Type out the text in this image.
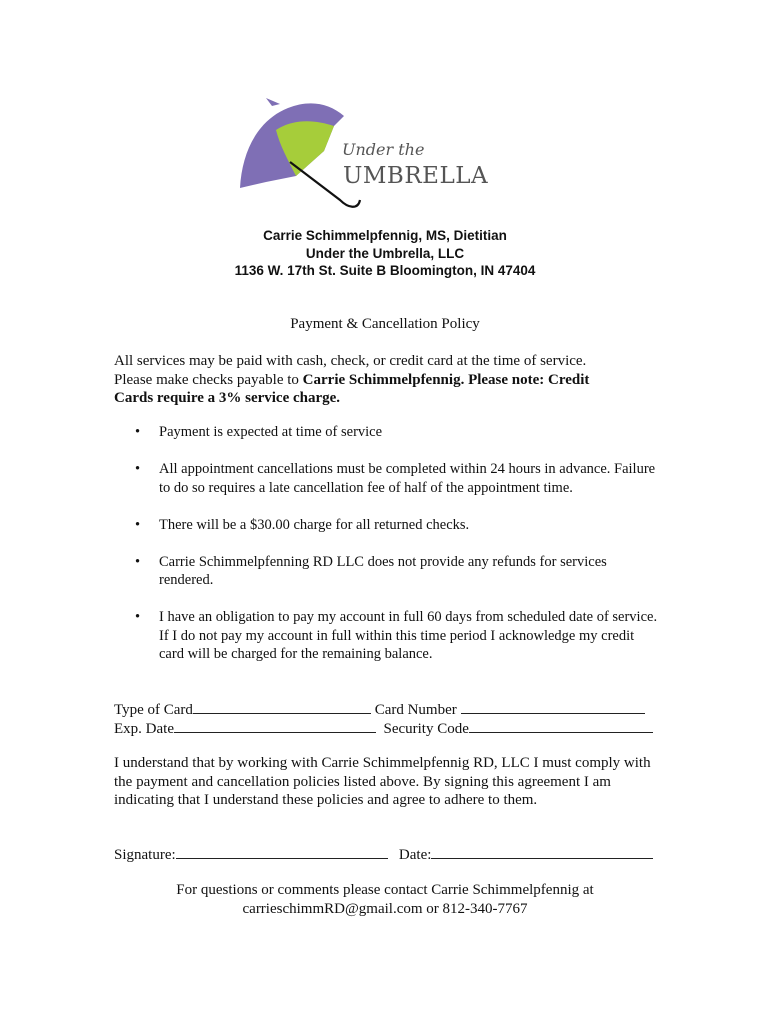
Under the
UMBRELLA
Carrie Schimmelpfennig, MS, Dietitian
Under the Umbrella, LLC
1136 W. 17th St. Suite B Bloomington, IN 47404
Payment & Cancellation Policy
All services may be paid with cash, check, or credit card at the time of service.
Please make checks payable to Carrie Schimmelpfennig. Please note: Credit
Cards require a 3% service charge.
• Payment is expected at time of service
• All appointment cancellations must be completed within 24 hours in advance. Failure to do so requires a late cancellation fee of half of the appointment time.
• There will be a $30.00 charge for all returned checks.
• Carrie Schimmelpfenning RD LLC does not provide any refunds for services rendered.
• I have an obligation to pay my account in full 60 days from scheduled date of service. If I do not pay my account in full within this time period I acknowledge my credit card will be charged for the remaining balance.
Type of Card	Card Number
Exp. Date	Security Code
I understand that by working with Carrie Schimmelpfennig RD, LLC I must comply with the payment and cancellation policies listed above. By signing this agreement I am indicating that I understand these policies and agree to adhere to them.
Signature:	Date:
For questions or comments please contact Carrie Schimmelpfennig at
carrieschimmRD@gmail.com or 812-340-7767
